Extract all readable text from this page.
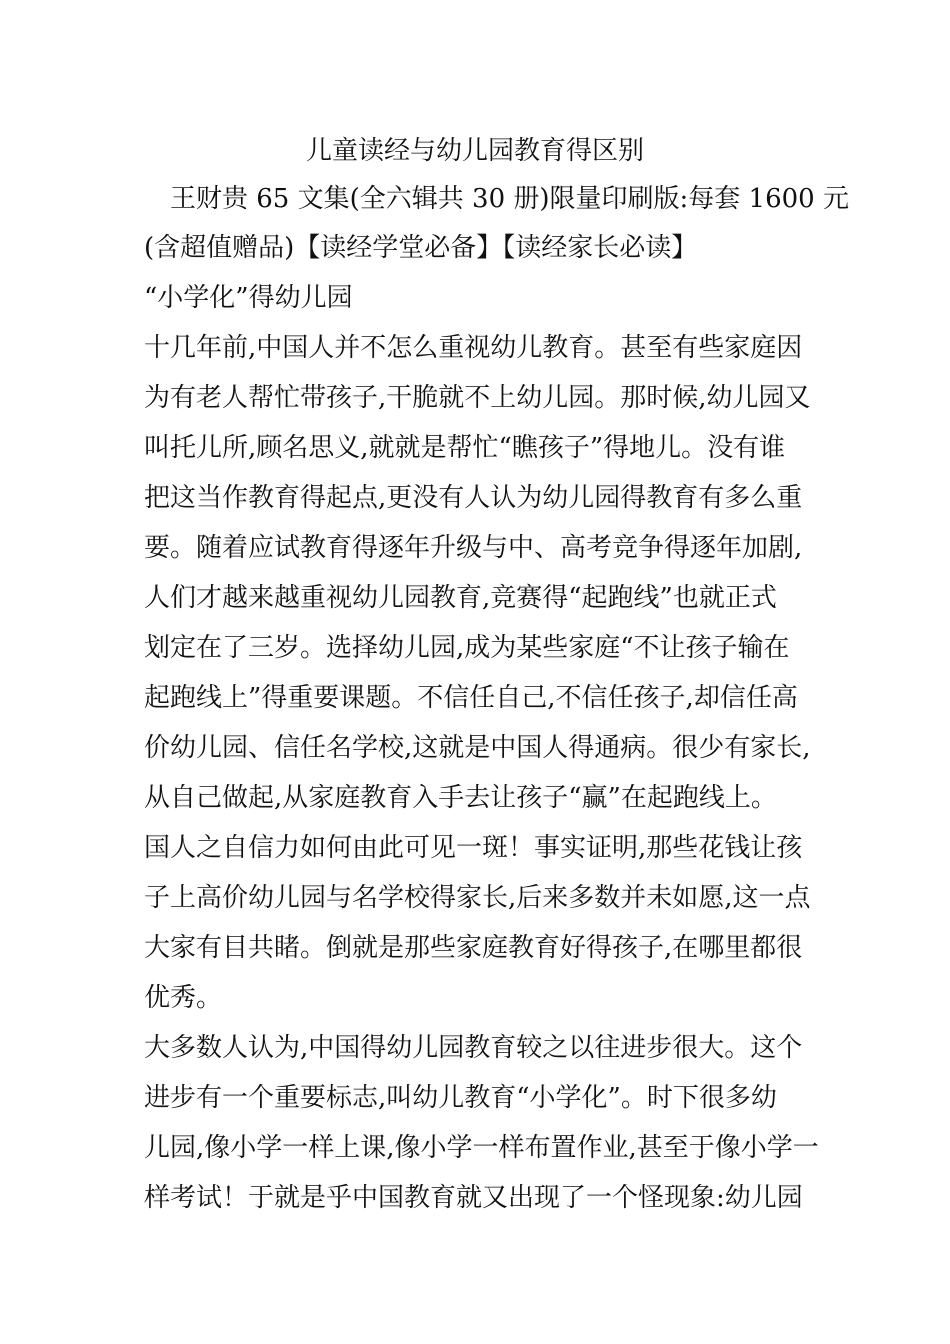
儿童读经与幼儿园教育得区别
　王财贵 65 文集(全六辑共 30 册)限量印刷版:每套 1600 元
(含超值赠品)【读经学堂必备】【读经家长必读】
“小学化”得幼儿园
十几年前,中国人并不怎么重视幼儿教育。甚至有些家庭因
为有老人帮忙带孩子,干脆就不上幼儿园。那时候,幼儿园又
叫托儿所,顾名思义,就就是帮忙“瞧孩子”得地儿。没有谁
把这当作教育得起点,更没有人认为幼儿园得教育有多么重
要。随着应试教育得逐年升级与中、高考竞争得逐年加剧,
人们才越来越重视幼儿园教育,竞赛得“起跑线”也就正式
划定在了三岁。选择幼儿园,成为某些家庭“不让孩子输在
起跑线上”得重要课题。不信任自己,不信任孩子,却信任高
价幼儿园、信任名学校,这就是中国人得通病。很少有家长,
从自己做起,从家庭教育入手去让孩子“赢”在起跑线上。
国人之自信力如何由此可见一斑！事实证明,那些花钱让孩
子上高价幼儿园与名学校得家长,后来多数并未如愿,这一点
大家有目共睹。倒就是那些家庭教育好得孩子,在哪里都很
优秀。
大多数人认为,中国得幼儿园教育较之以往进步很大。这个
进步有一个重要标志,叫幼儿教育“小学化”。时下很多幼
儿园,像小学一样上课,像小学一样布置作业,甚至于像小学一
样考试！于就是乎中国教育就又出现了一个怪现象:幼儿园
